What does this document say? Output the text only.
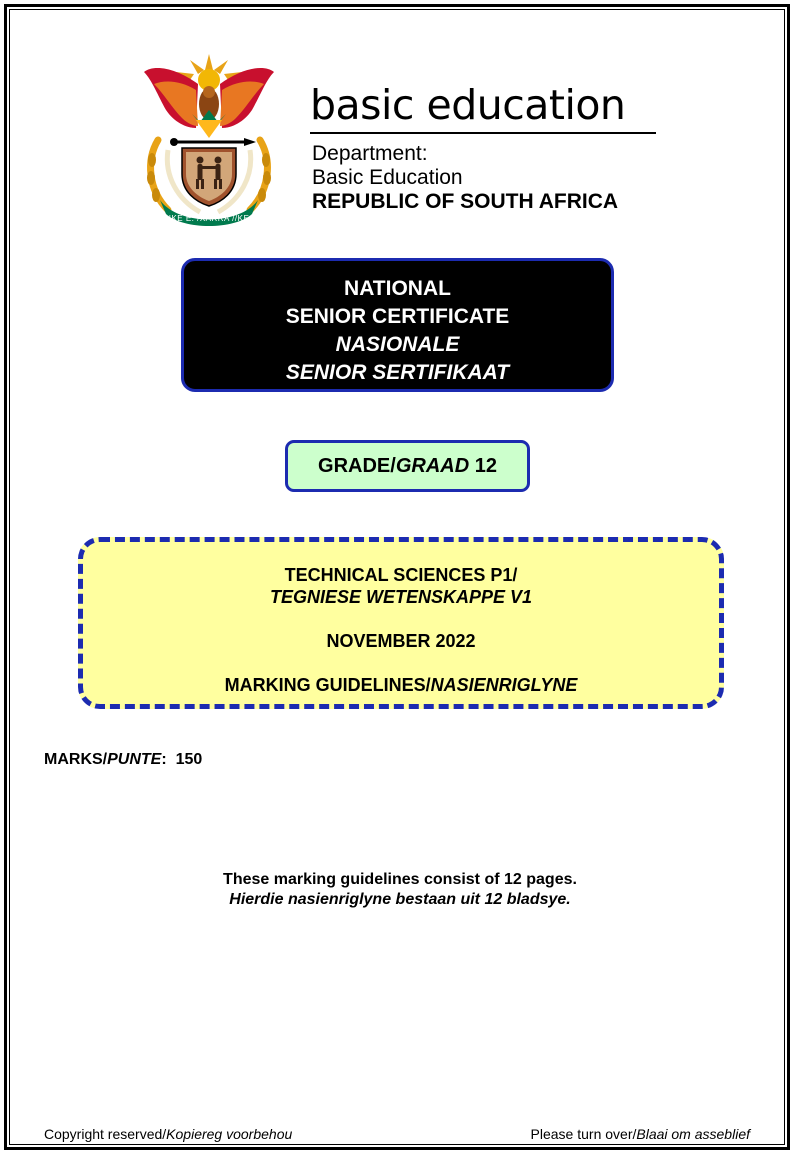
!KE E: /XARRA //KE
basic education
Department:
Basic Education
REPUBLIC OF SOUTH AFRICA
NATIONAL
SENIOR CERTIFICATE
NASIONALE
SENIOR SERTIFIKAAT
GRADE/GRAAD 12
TECHNICAL SCIENCES P1/
TEGNIESE WETENSKAPPE V1
NOVEMBER 2022
MARKING GUIDELINES/NASIENRIGLYNE
MARKS/PUNTE: 150
These marking guidelines consist of 12 pages.
Hierdie nasienriglyne bestaan uit 12 bladsye.
Copyright reserved/Kopiereg voorbehou	Please turn over/Blaai om asseblief
